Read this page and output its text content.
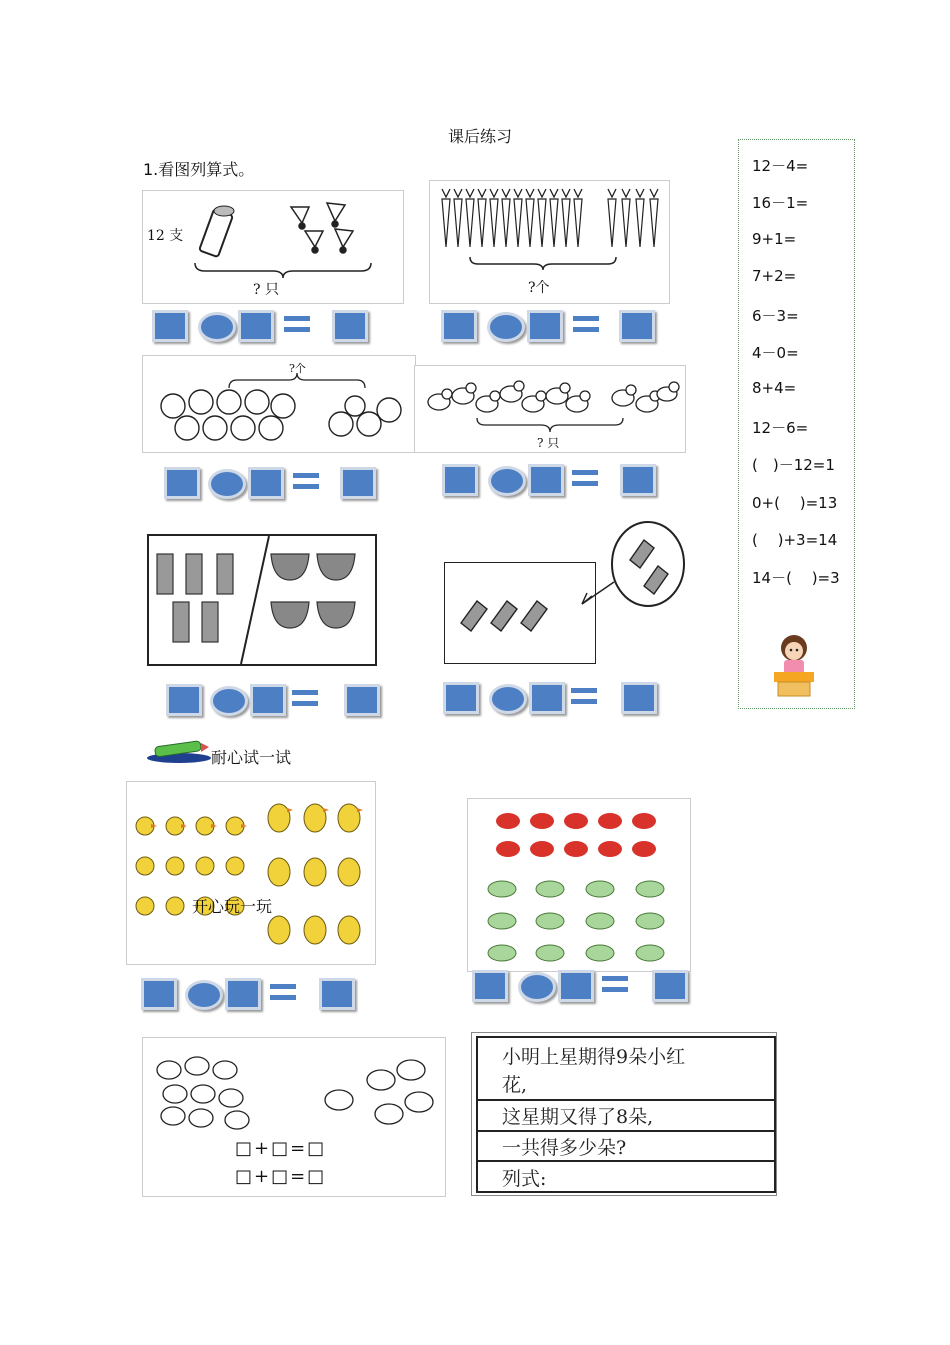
课后练习
1.看图列算式。	12－4=
16－1=
9+1=
7+2=
6－3=
4－0=
8+4=
12－6=
(　)－12=1
0+(　 )=13
(　 )+3=14
14－(　 )=3
12 支
? 只	?个
?个
? 只
耐心试一试
开心玩一玩
□+□=□
□+□=□
小明上星期得9朵小红
花,
这星期又得了8朵,
一共得多少朵?
列式:
